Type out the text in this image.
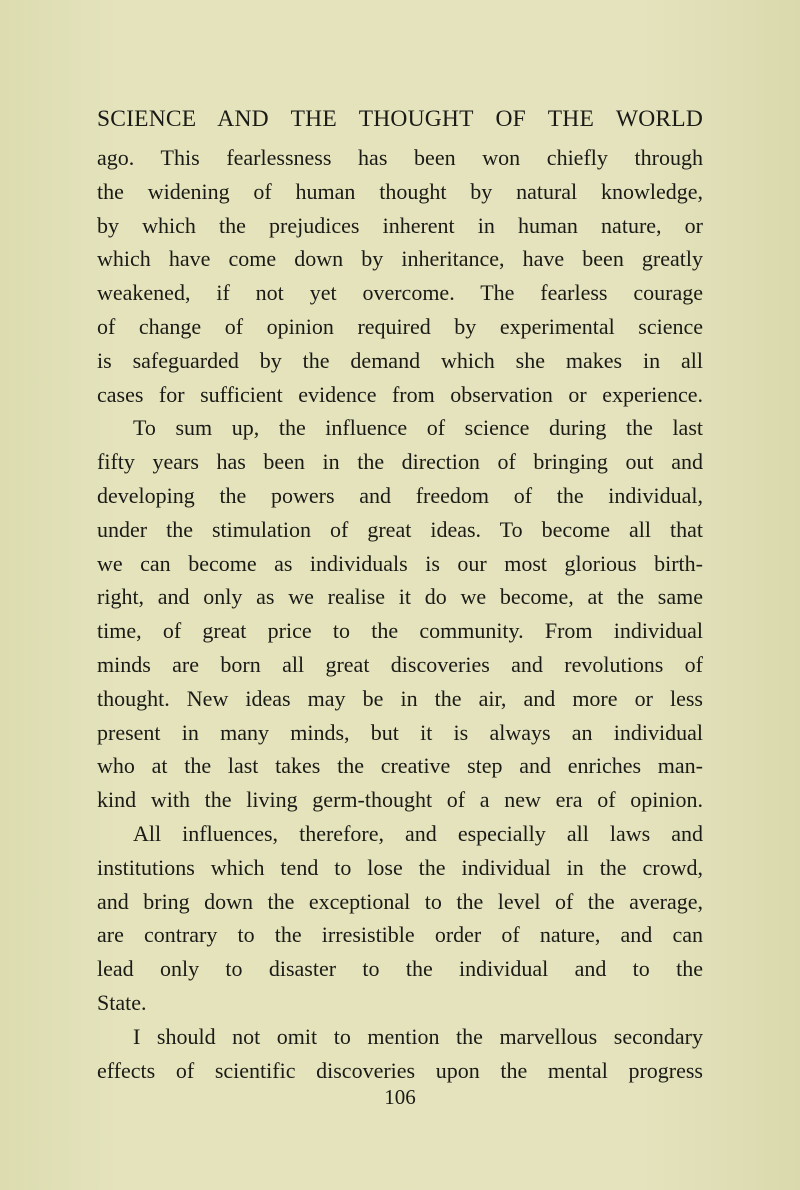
SCIENCE AND THE THOUGHT OF THE WORLD
ago. This fearlessness has been won chiefly through
the widening of human thought by natural knowledge,
by which the prejudices inherent in human nature, or
which have come down by inheritance, have been greatly
weakened, if not yet overcome. The fearless courage
of change of opinion required by experimental science
is safeguarded by the demand which she makes in all
cases for sufficient evidence from observation or experience.
To sum up, the influence of science during the last
fifty years has been in the direction of bringing out and
developing the powers and freedom of the individual,
under the stimulation of great ideas. To become all that
we can become as individuals is our most glorious birth-
right, and only as we realise it do we become, at the same
time, of great price to the community. From individual
minds are born all great discoveries and revolutions of
thought. New ideas may be in the air, and more or less
present in many minds, but it is always an individual
who at the last takes the creative step and enriches man-
kind with the living germ-thought of a new era of opinion.
All influences, therefore, and especially all laws and
institutions which tend to lose the individual in the crowd,
and bring down the exceptional to the level of the average,
are contrary to the irresistible order of nature, and can
lead only to disaster to the individual and to the
State.
I should not omit to mention the marvellous secondary
effects of scientific discoveries upon the mental progress
106
